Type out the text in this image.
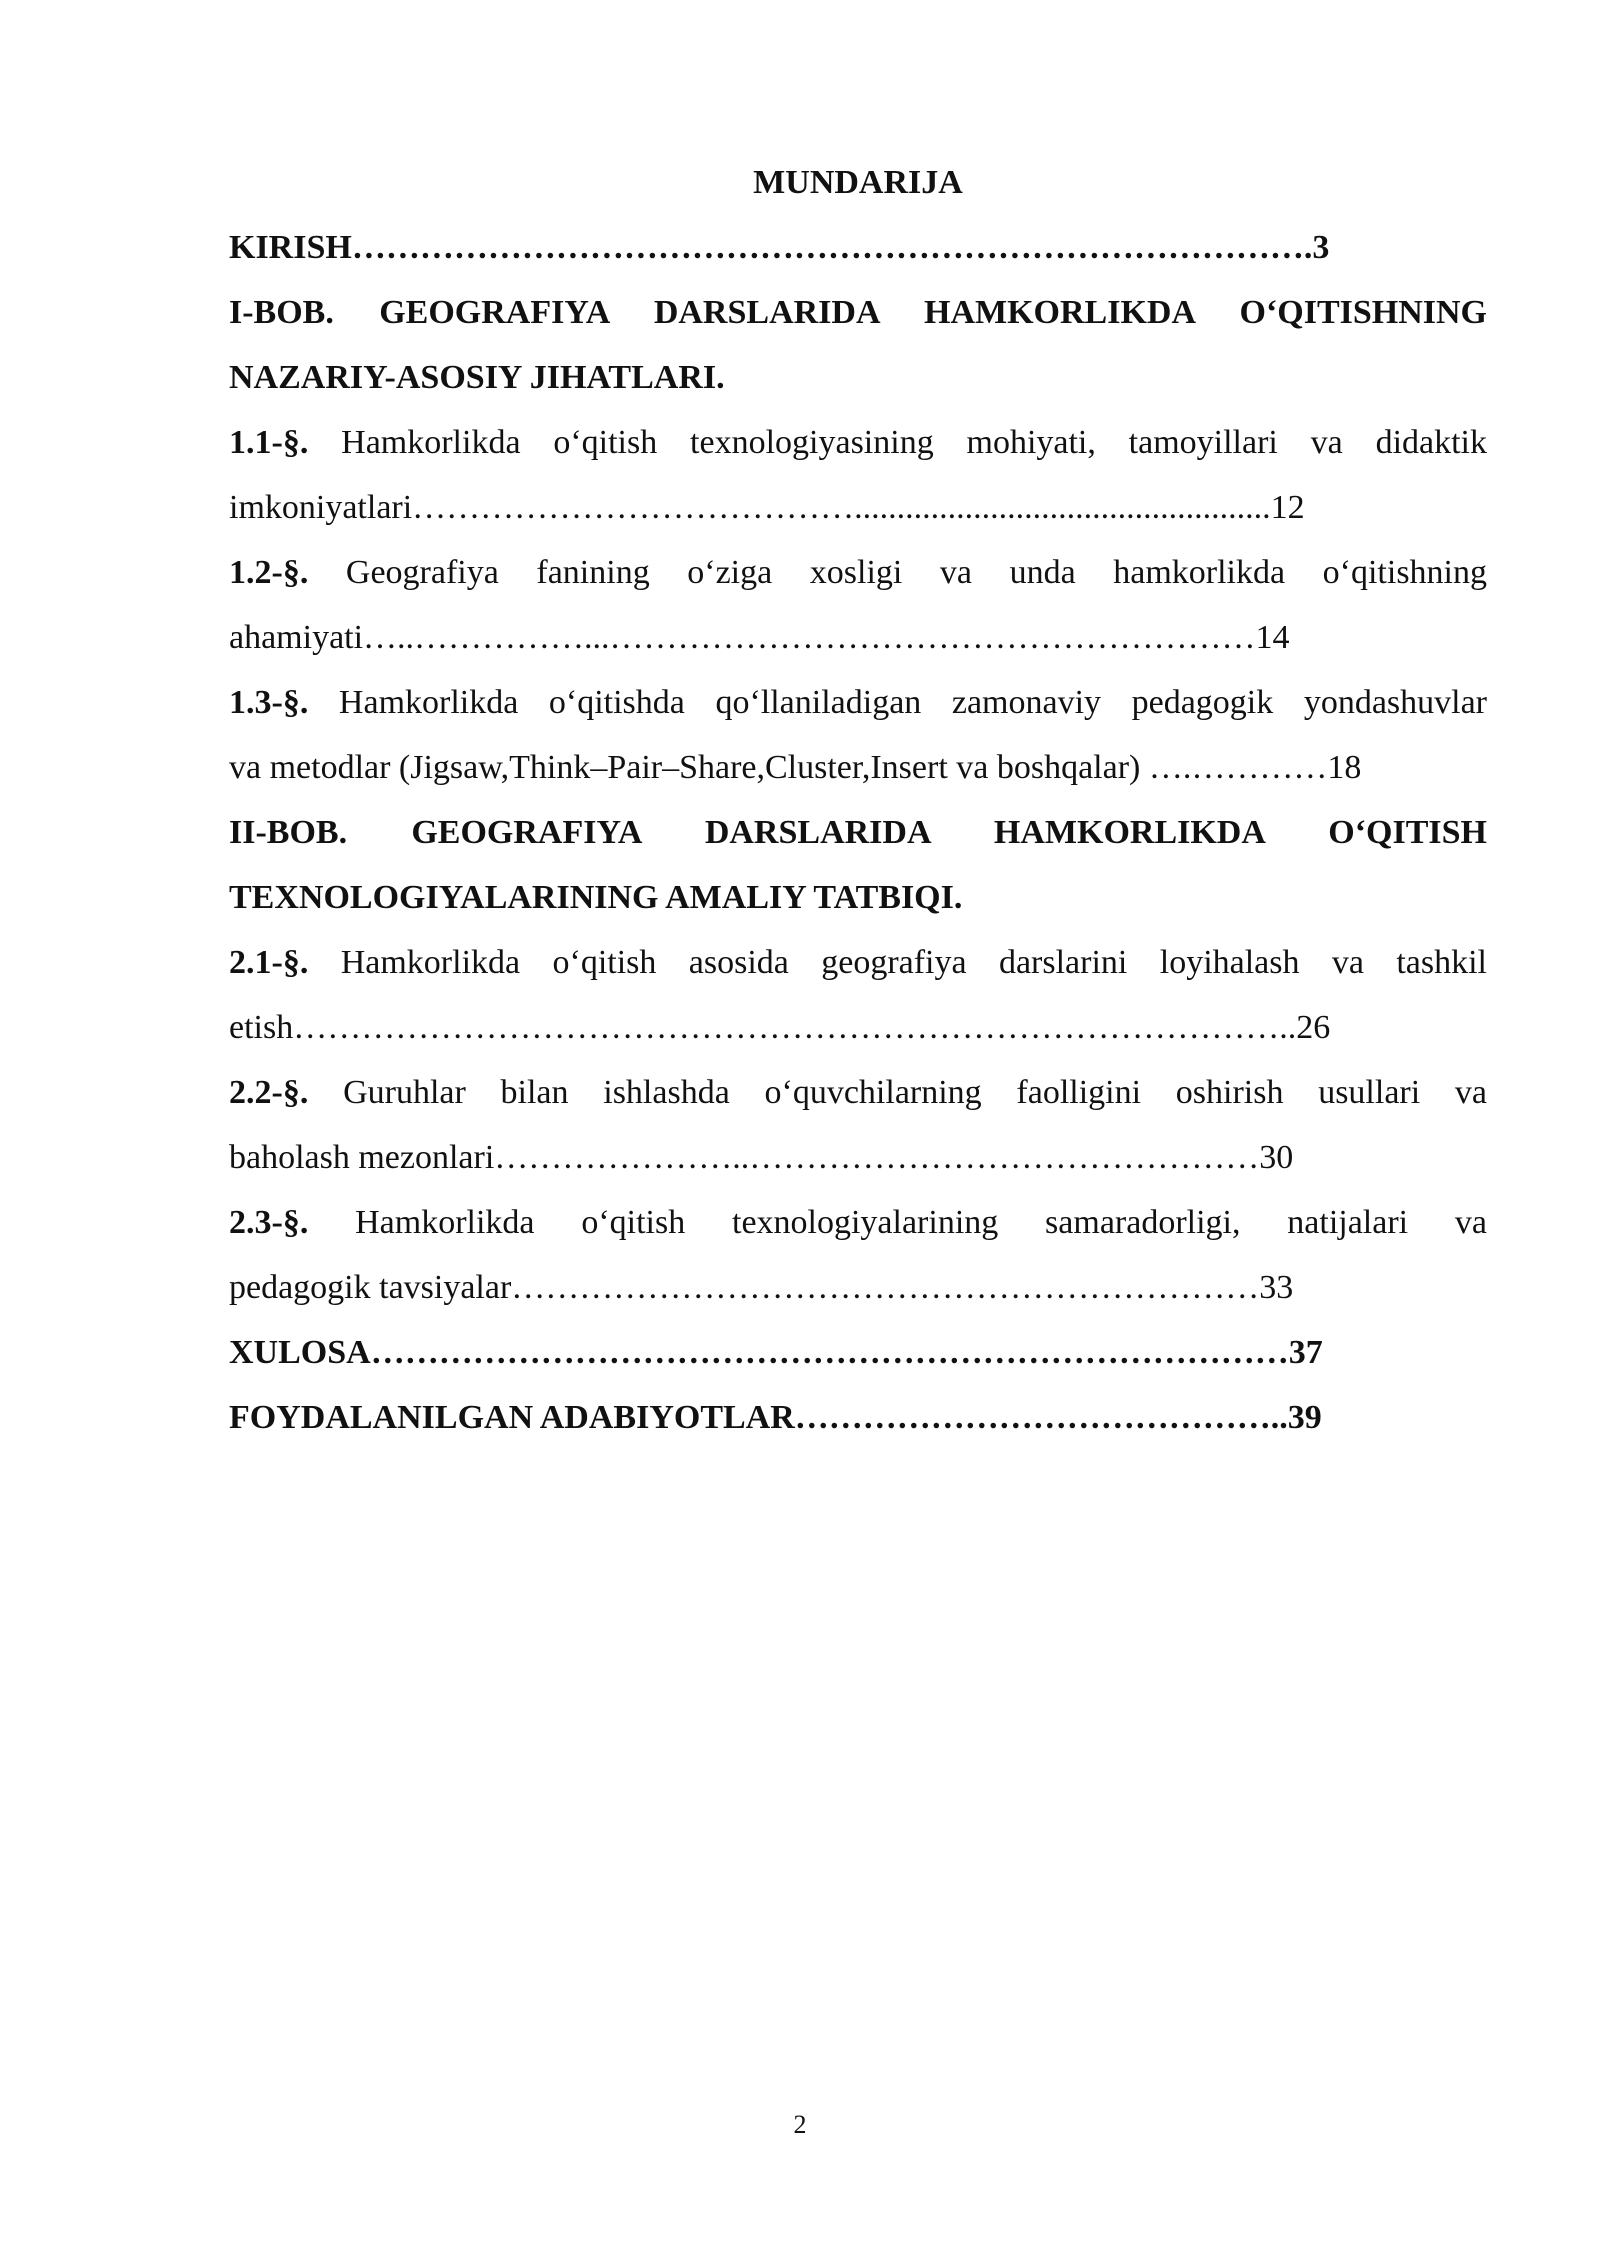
MUNDARIJA
KIRISH………………………………………………………………………….3
I-BOB. GEOGRAFIYA DARSLARIDA HAMKORLIKDA O‘QITISHNING
NAZARIY-ASOSIY JIHATLARI.
1.1-§. Hamkorlikda o‘qitish texnologiyasining mohiyati, tamoyillari va didaktik
imkoniyatlari………………………………….................................................12
1.2-§. Geografiya fanining o‘ziga xosligi va unda hamkorlikda o‘qitishning
ahamiyati…..……………...…………………………………………………14
1.3-§. Hamkorlikda o‘qitishda qo‘llaniladigan zamonaviy pedagogik yondashuvlar
va metodlar (Jigsaw,Think–Pair–Share,Cluster,Insert va boshqalar) ….…………18
II-BOB. GEOGRAFIYA DARSLARIDA HAMKORLIKDA O‘QITISH
TEXNOLOGIYALARINING AMALIY TATBIQI.
2.1-§. Hamkorlikda o‘qitish asosida geografiya darslarini loyihalash va tashkil
etish……………………………………………………………………………..26
2.2-§. Guruhlar bilan ishlashda o‘quvchilarning faolligini oshirish usullari va
baholash mezonlari…………………..………………………………………30
2.3-§. Hamkorlikda o‘qitish texnologiyalarining samaradorligi, natijalari va
pedagogik tavsiyalar…………………………………………………………33
XULOSA………………………………………………………………………37
FOYDALANILGAN ADABIYOTLAR……………………………………..39
2
